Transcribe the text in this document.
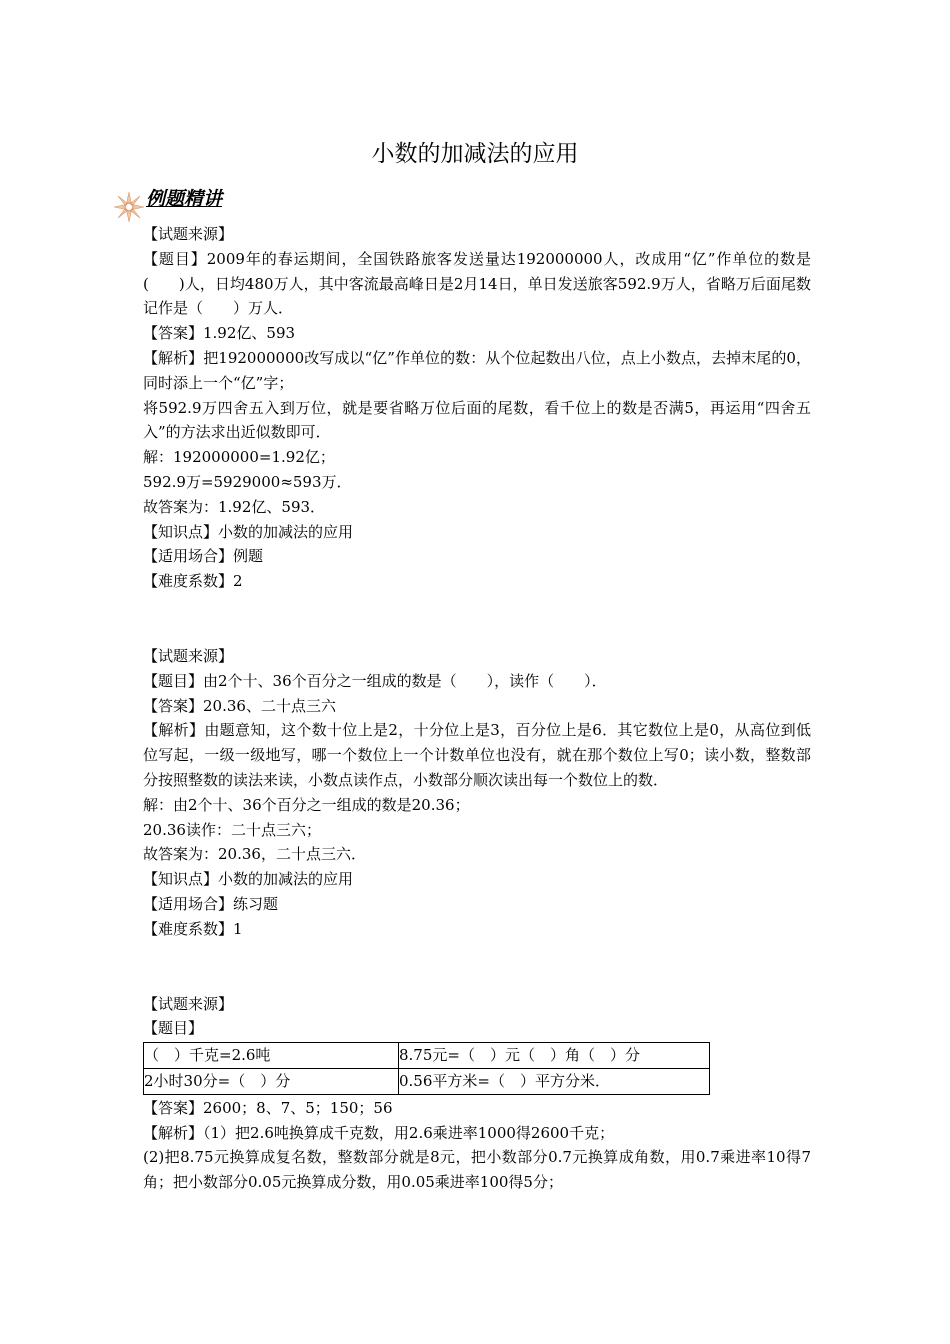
小数的加减法的应用
例题精讲

【试题来源】

【题目】2009年的春运期间，全国铁路旅客发送量达192000000人，改成用“亿”作单位的数是(　　)人，日均480万人，其中客流最高峰日是2月14日，单日发送旅客592.9万人，省略万后面尾数记作是（　　）万人．

【答案】1.92亿、593

【解析】把192000000改写成以“亿”作单位的数：从个位起数出八位，点上小数点，去掉末尾的0，同时添上一个“亿”字；

将592.9万四舍五入到万位，就是要省略万位后面的尾数，看千位上的数是否满5，再运用“四舍五入”的方法求出近似数即可．

解：192000000=1.92亿；

592.9万=5929000≈593万．

故答案为：1.92亿、593．

【知识点】小数的加减法的应用

【适用场合】例题

【难度系数】2

【试题来源】

【题目】由2个十、36个百分之一组成的数是（　　），读作（　　）．

【答案】20.36、二十点三六

【解析】由题意知，这个数十位上是2，十分位上是3，百分位上是6．其它数位上是0，从高位到低位写起，一级一级地写，哪一个数位上一个计数单位也没有，就在那个数位上写0；读小数，整数部分按照整数的读法来读，小数点读作点，小数部分顺次读出每一个数位上的数．

解：由2个十、36个百分之一组成的数是20.36；

20.36读作：二十点三六；

故答案为：20.36，二十点三六．

【知识点】小数的加减法的应用

【适用场合】练习题

【难度系数】1

【试题来源】

【题目】

（　）千克=2.6吨	8.75元=（　）元（　）角（　）分
2小时30分=（　）分	0.56平方米=（　）平方分米．

【答案】2600；8、7、5；150；56

【解析】（1）把2.6吨换算成千克数，用2.6乘进率1000得2600千克；

(2)把8.75元换算成复名数，整数部分就是8元，把小数部分0.7元换算成角数，用0.7乘进率10得7角；把小数部分0.05元换算成分数，用0.05乘进率100得5分；
